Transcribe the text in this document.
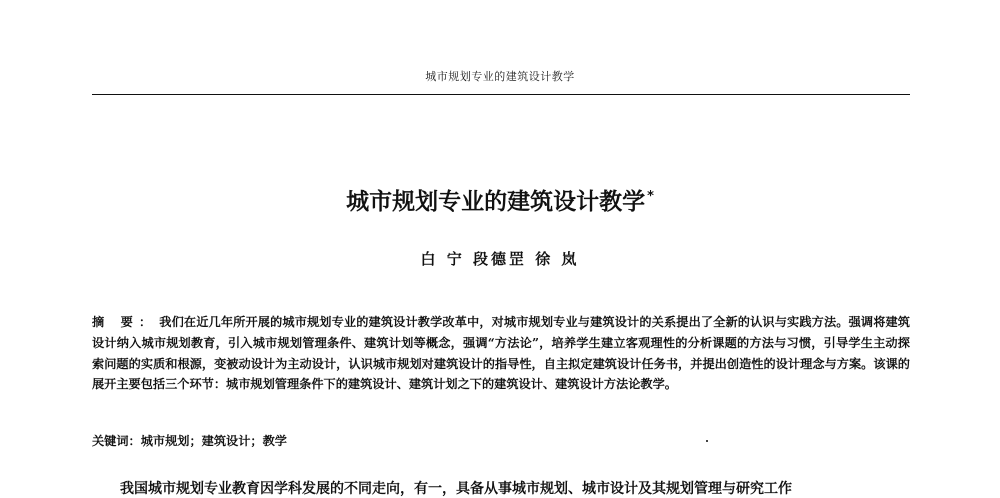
城市规划专业的建筑设计教学
城市规划专业的建筑设计教学 *
白 宁 段德罡 徐 岚
摘 要： 我们在近几年所开展的城市规划专业的建筑设计教学改革中，对城市规划专业与建筑设计的关系提出了全新的认识与实践方法。强调将建筑设计纳入城市规划教育，引入城市规划管理条件、建筑计划等概念，强调“方法论”，培养学生建立客观理性的分析课题的方法与习惯，引导学生主动探索问题的实质和根源，变被动设计为主动设计，认识城市规划对建筑设计的指导性，自主拟定建筑设计任务书，并提出创造性的设计理念与方案。该课的展开主要包括三个环节：城市规划管理条件下的建筑设计、建筑计划之下的建筑设计、建筑设计方法论教学。
关键词：城市规划；建筑设计；教学
我国城市规划专业教育因学科发展的不同走向，有一，具备从事城市规划、城市设计及其规划管理与研究工作
